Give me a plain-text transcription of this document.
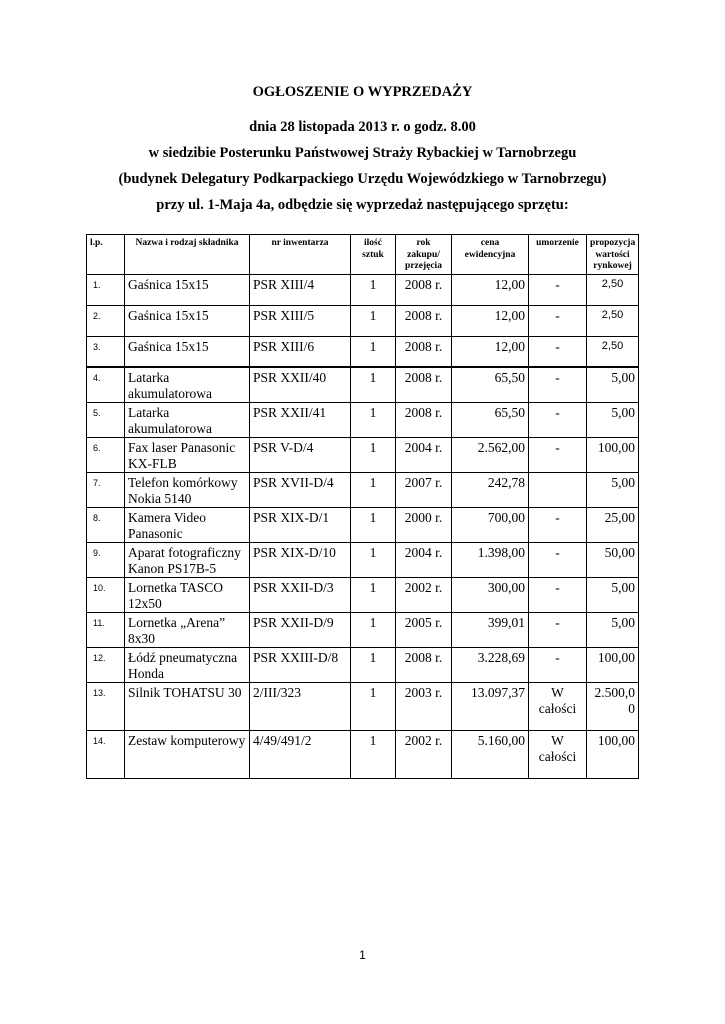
OGŁOSZENIE O WYPRZEDAŻY
dnia 28 listopada 2013 r. o godz. 8.00
w siedzibie Posterunku Państwowej Straży Rybackiej w Tarnobrzegu
(budynek Delegatury Podkarpackiego Urzędu Wojewódzkiego w Tarnobrzegu)
przy ul. 1-Maja 4a, odbędzie się wyprzedaż następującego sprzętu:
l.p.	Nazwa i rodzaj składnika	nr inwentarza	ilość sztuk	rok zakupu/ przejęcia	cena ewidencyjna	umorzenie	propozycja wartości rynkowej
1.	Gaśnica 15x15	PSR XIII/4	1	2008 r.	12,00	-	2,50
2.	Gaśnica 15x15	PSR XIII/5	1	2008 r.	12,00	-	2,50
3.	Gaśnica 15x15	PSR XIII/6	1	2008 r.	12,00	-	2,50
4.	Latarka akumulatorowa	PSR XXII/40	1	2008 r.	65,50	-	5,00
5.	Latarka akumulatorowa	PSR XXII/41	1	2008 r.	65,50	-	5,00
6.	Fax laser Panasonic KX-FLB	PSR V-D/4	1	2004 r.	2.562,00	-	100,00
7.	Telefon komórkowy Nokia 5140	PSR XVII-D/4	1	2007 r.	242,78		5,00
8.	Kamera Video Panasonic	PSR XIX-D/1	1	2000 r.	700,00	-	25,00
9.	Aparat fotograficzny Kanon PS17B-5	PSR XIX-D/10	1	2004 r.	1.398,00	-	50,00
10.	Lornetka TASCO 12x50	PSR XXII-D/3	1	2002 r.	300,00	-	5,00
11.	Lornetka „Arena” 8x30	PSR XXII-D/9	1	2005 r.	399,01	-	5,00
12.	Łódź pneumatyczna Honda	PSR XXIII-D/8	1	2008 r.	3.228,69	-	100,00
13.	Silnik TOHATSU 30	2/III/323	1	2003 r.	13.097,37	W całości	2.500,00
14.	Zestaw komputerowy	4/49/491/2	1	2002 r.	5.160,00	W całości	100,00
1
